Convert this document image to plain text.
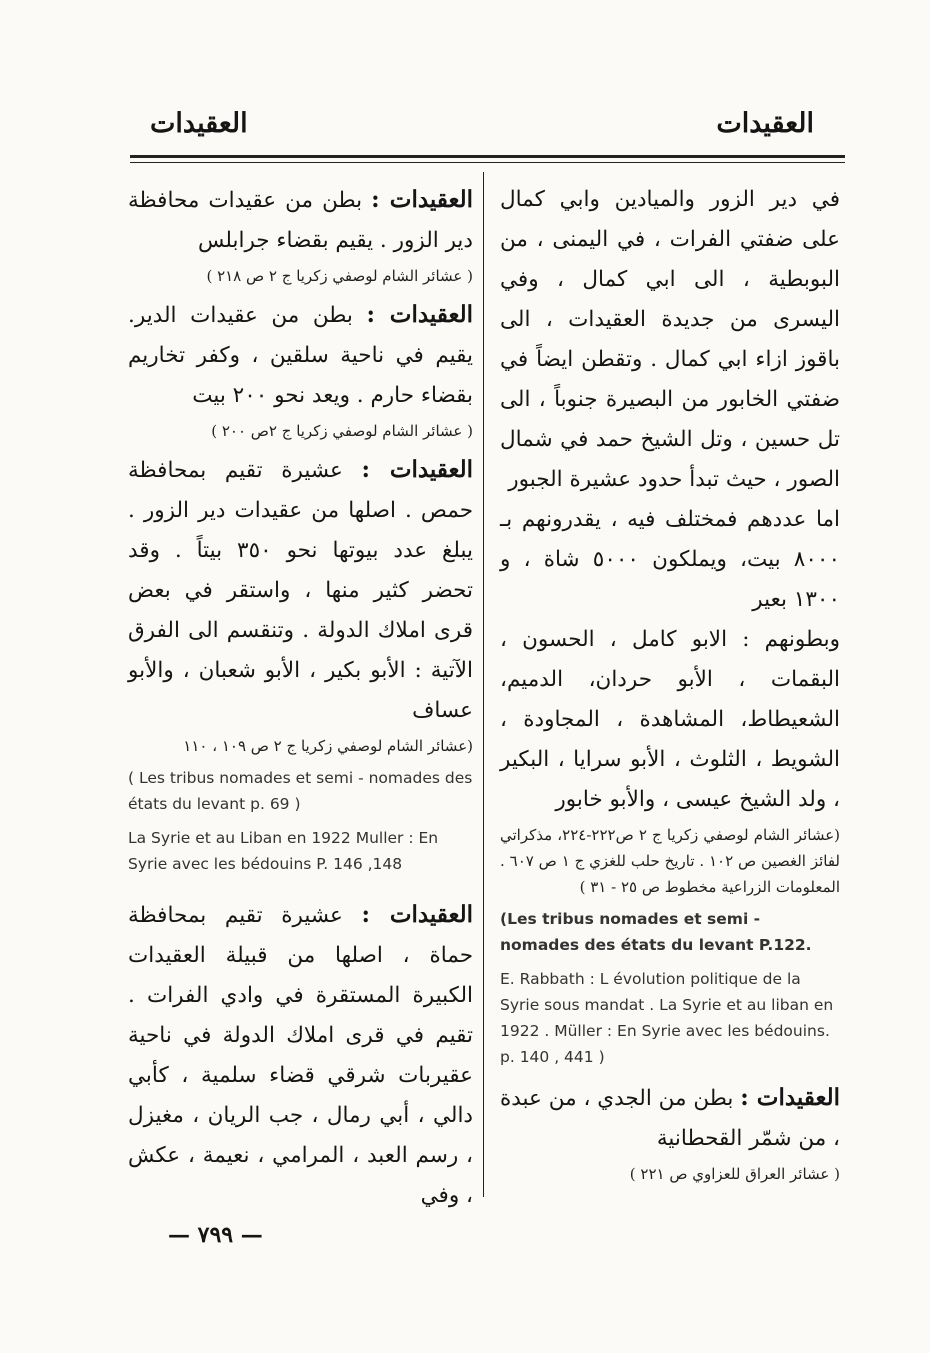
العقيدات	العقيدات

في دير الزور والميادين وابي كمال على ضفتي الفرات ، في اليمنى ، من البوبطية ، الى ابي كمال ، وفي اليسرى من جديدة العقيدات ، الى باقوز ازاء ابي كمال . وتقطن ايضاً في ضفتي الخابور من البصيرة جنوباً ، الى تل حسين ، وتل الشيخ حمد في شمال الصور ، حيث تبدأ حدود عشيرة الجبور

اما عددهم فمختلف فيه ، يقدرونهم بـ ٨٠٠٠ بيت، ويملكون ٥٠٠٠ شاة ، و ١٣٠٠ بعير

وبطونهم : الابو كامل ، الحسون ، البقمات ، الأبو حردان، الدميم، الشعيطاط، المشاهدة ، المجاودة ، الشويط ، الثلوث ، الأبو سرايا ، البكير ، ولد الشيخ عيسى ، والأبو خابور

(عشائر الشام لوصفي زكريا ج ٢ ص٢٢٢-٢٢٤، مذكراتي لفائز الغصين ص ١٠٢ . تاريخ حلب للغزي ج ١ ص ٦٠٧ . المعلومات الزراعية مخطوط ص ٢٥ - ٣١ )

(Les tribus nomades et semi - nomades des états du levant P.122.

E. Rabbath : L évolution politique de la Syrie sous mandat . La Syrie et au liban en 1922 . Müller : En Syrie avec les bédouins. p. 140 , 441 )

العقيدات : بطن من الجدي ، من عبدة ، من شمّر القحطانية

( عشائر العراق للعزاوي ص ٢٢١ )

العقيدات : بطن من عقيدات محافظة دير الزور . يقيم بقضاء جرابلس

( عشائر الشام لوصفي زكريا ج ٢ ص ٢١٨ )

العقيدات : بطن من عقيدات الدير. يقيم في ناحية سلقين ، وكفر تخاريم بقضاء حارم . ويعد نحو ٢٠٠ بيت

( عشائر الشام لوصفي زكريا ج ٢ص ٢٠٠ )

العقيدات : عشيرة تقيم بمحافظة حمص . اصلها من عقيدات دير الزور . يبلغ عدد بيوتها نحو ٣٥٠ بيتاً . وقد تحضر كثير منها ، واستقر في بعض قرى املاك الدولة . وتنقسم الى الفرق الآتية : الأبو بكير ، الأبو شعبان ، والأبو عساف

(عشائر الشام لوصفي زكريا ج ٢ ص ١٠٩ ، ١١٠

( Les tribus nomades et semi - nomades des états du levant p. 69 )

La Syrie et au Liban en 1922 Muller : En Syrie avec les bédouins P. 146 ,148

العقيدات : عشيرة تقيم بمحافظة حماة ، اصلها من قبيلة العقيدات الكبيرة المستقرة في وادي الفرات . تقيم في قرى املاك الدولة في ناحية عقيربات شرقي قضاء سلمية ، كأبي دالي ، أبي رمال ، جب الريان ، مغيزل ، رسم العبد ، المرامي ، نعيمة ، عكش ، وفي

— ٧٩٩ —
